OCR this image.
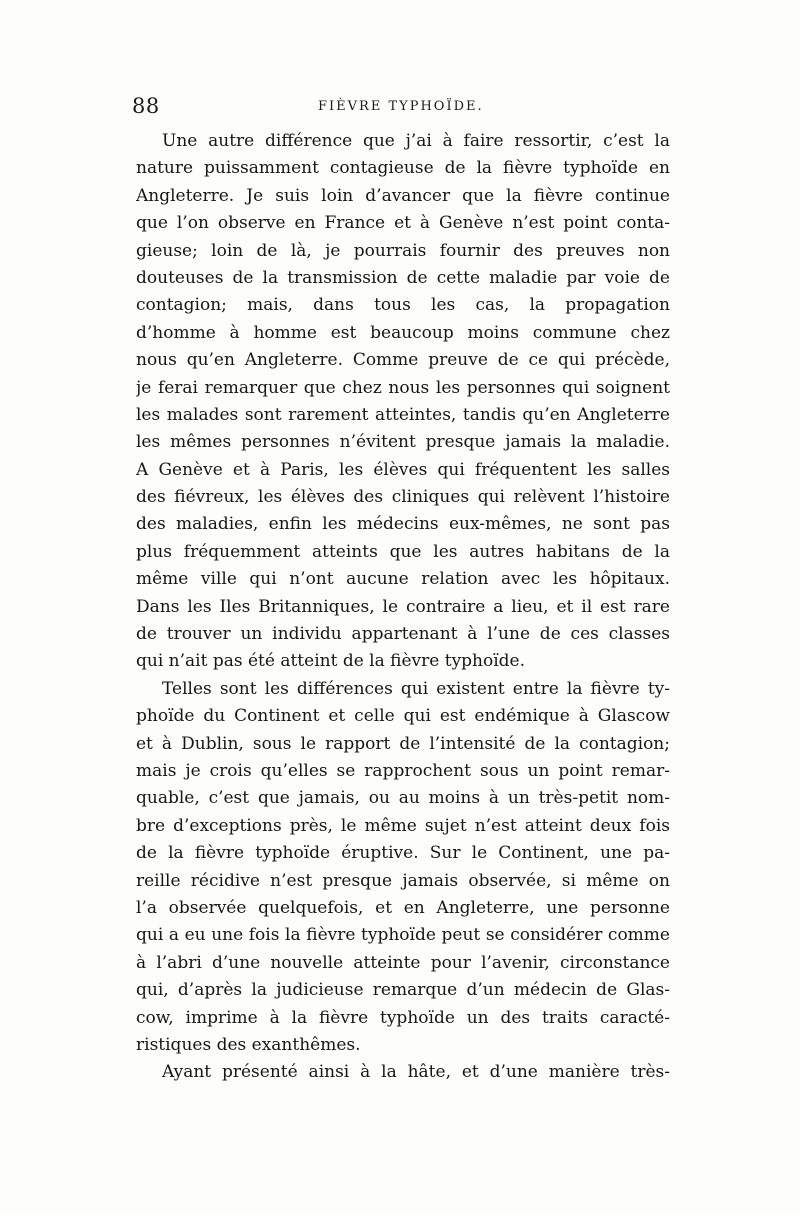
88	FIÈVRE TYPHOÏDE.
Une autre différence que j’ai à faire ressortir, c’est la
nature puissamment contagieuse de la fièvre typhoïde en
Angleterre. Je suis loin d’avancer que la fièvre continue
que l’on observe en France et à Genève n’est point conta-
gieuse; loin de là, je pourrais fournir des preuves non
douteuses de la transmission de cette maladie par voie de
contagion; mais, dans tous les cas, la propagation
d’homme à homme est beaucoup moins commune chez
nous qu’en Angleterre. Comme preuve de ce qui précède,
je ferai remarquer que chez nous les personnes qui soignent
les malades sont rarement atteintes, tandis qu’en Angleterre
les mêmes personnes n’évitent presque jamais la maladie.
A Genève et à Paris, les élèves qui fréquentent les salles
des fiévreux, les élèves des cliniques qui relèvent l’histoire
des maladies, enfin les médecins eux-mêmes, ne sont pas
plus fréquemment atteints que les autres habitans de la
même ville qui n’ont aucune relation avec les hôpitaux.
Dans les Iles Britanniques, le contraire a lieu, et il est rare
de trouver un individu appartenant à l’une de ces classes
qui n’ait pas été atteint de la fièvre typhoïde.
Telles sont les différences qui existent entre la fièvre ty-
phoïde du Continent et celle qui est endémique à Glascow
et à Dublin, sous le rapport de l’intensité de la contagion;
mais je crois qu’elles se rapprochent sous un point remar-
quable, c’est que jamais, ou au moins à un très-petit nom-
bre d’exceptions près, le même sujet n’est atteint deux fois
de la fièvre typhoïde éruptive. Sur le Continent, une pa-
reille récidive n’est presque jamais observée, si même on
l’a observée quelquefois, et en Angleterre, une personne
qui a eu une fois la fièvre typhoïde peut se considérer comme
à l’abri d’une nouvelle atteinte pour l’avenir, circonstance
qui, d’après la judicieuse remarque d’un médecin de Glas-
cow, imprime à la fièvre typhoïde un des traits caracté-
ristiques des exanthêmes.
Ayant présenté ainsi à la hâte, et d’une manière très-
